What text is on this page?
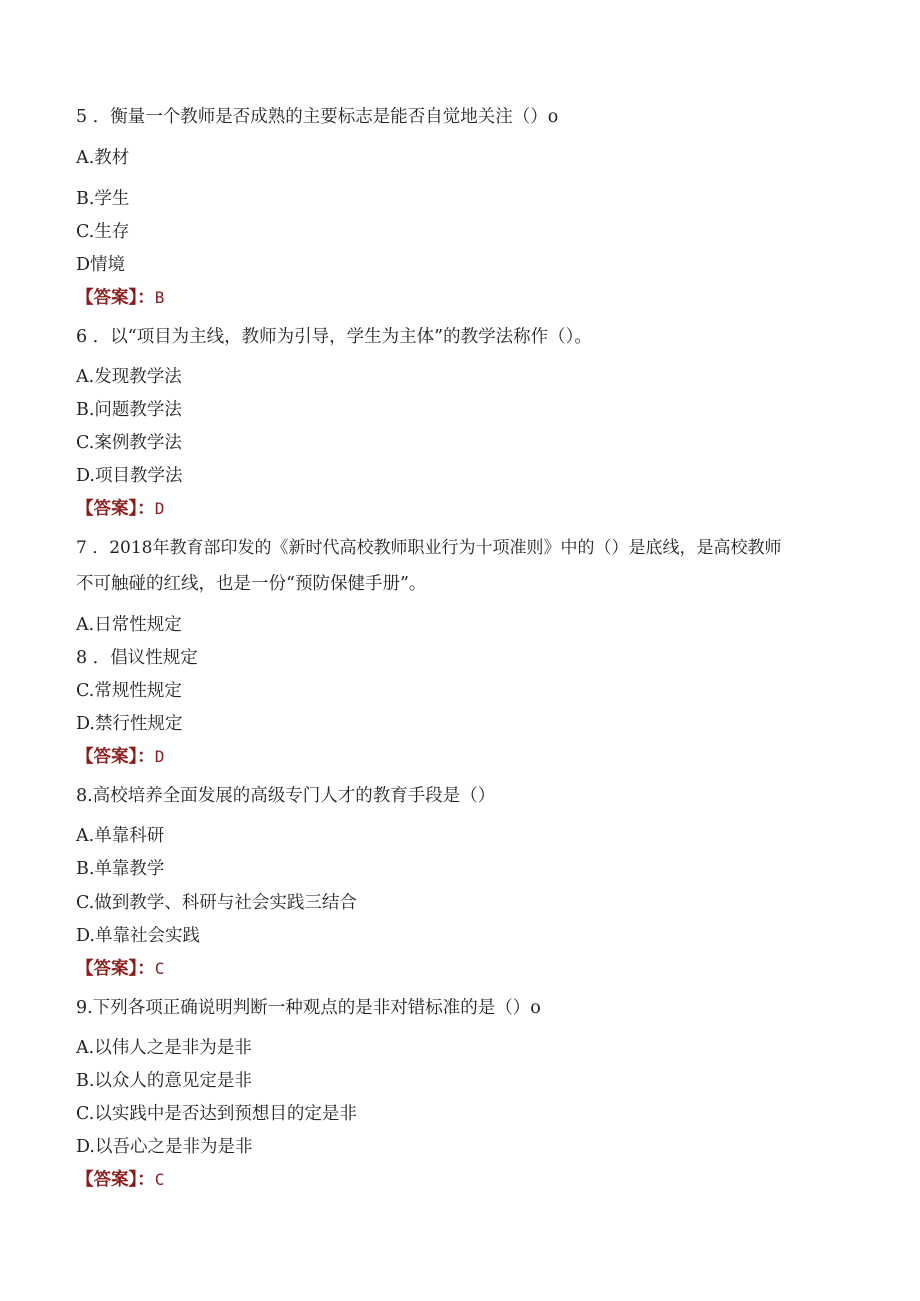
5 ．衡量一个教师是否成熟的主要标志是能否自觉地关注（）o
A.教材
B.学生
C.生存
D情境
【答案】：B
6 ．以“项目为主线，教师为引导，学生为主体”的教学法称作（）。
A.发现教学法
B.问题教学法
C.案例教学法
D.项目教学法
【答案】：D
7 ．2018年教育部印发的《新时代高校教师职业行为十项准则》中的（）是底线，是高校教师
不可触碰的红线，也是一份“预防保健手册”。
A.日常性规定
8 ．倡议性规定
C.常规性规定
D.禁行性规定
【答案】：D
8.高校培养全面发展的高级专门人才的教育手段是（）
A.单靠科研
B.单靠教学
C.做到教学、科研与社会实践三结合
D.单靠社会实践
【答案】：C
9.下列各项正确说明判断一种观点的是非对错标准的是（）o
A.以伟人之是非为是非
B.以众人的意见定是非
C.以实践中是否达到预想目的定是非
D.以吾心之是非为是非
【答案】：C
